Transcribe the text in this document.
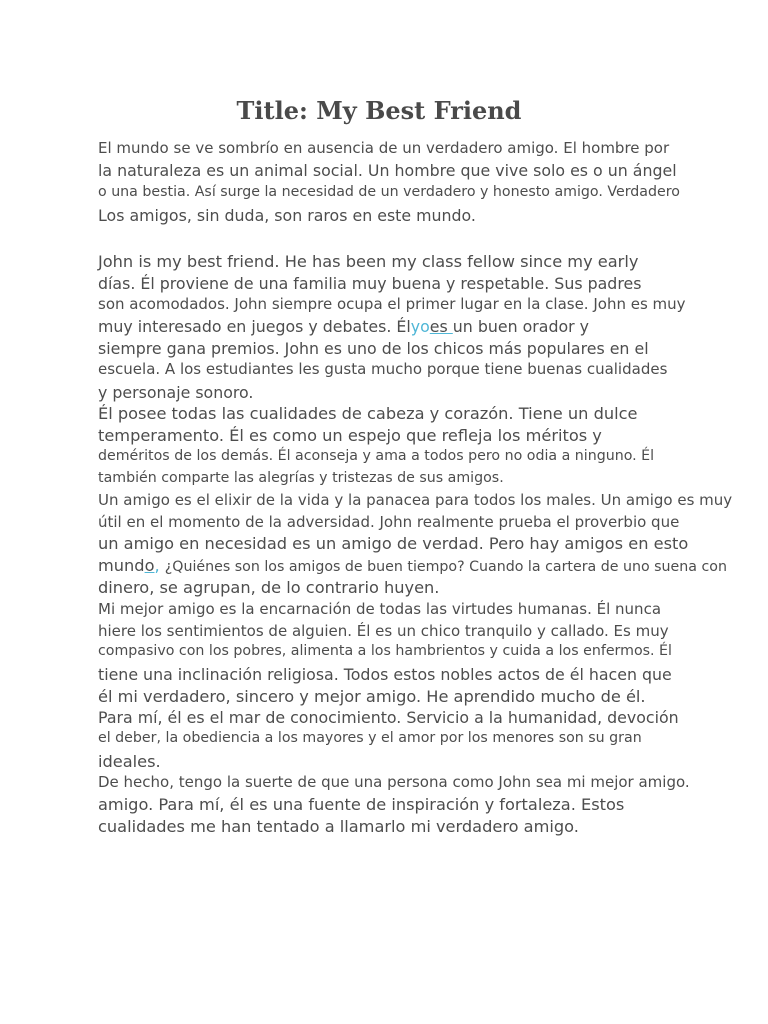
Title: My Best Friend
El mundo se ve sombrío en ausencia de un verdadero amigo. El hombre por
la naturaleza es un animal social. Un hombre que vive solo es o un ángel
o una bestia. Así surge la necesidad de un verdadero y honesto amigo. Verdadero
Los amigos, sin duda, son raros en este mundo.
John is my best friend. He has been my class fellow since my early
días. Él proviene de una familia muy buena y respetable. Sus padres
son acomodados. John siempre ocupa el primer lugar en la clase. John es muy
muy interesado en juegos y debates. Élyoes un buen orador y
siempre gana premios. John es uno de los chicos más populares en el
escuela. A los estudiantes les gusta mucho porque tiene buenas cualidades
y personaje sonoro.
Él posee todas las cualidades de cabeza y corazón. Tiene un dulce
temperamento. Él es como un espejo que refleja los méritos y
deméritos de los demás. Él aconseja y ama a todos pero no odia a ninguno. Él
también comparte las alegrías y tristezas de sus amigos.
Un amigo es el elixir de la vida y la panacea para todos los males. Un amigo es muy
útil en el momento de la adversidad. John realmente prueba el proverbio que
un amigo en necesidad es un amigo de verdad. Pero hay amigos en esto
mundo, ¿Quiénes son los amigos de buen tiempo? Cuando la cartera de uno suena con
dinero, se agrupan, de lo contrario huyen.
Mi mejor amigo es la encarnación de todas las virtudes humanas. Él nunca
hiere los sentimientos de alguien. Él es un chico tranquilo y callado. Es muy
compasivo con los pobres, alimenta a los hambrientos y cuida a los enfermos. Él
tiene una inclinación religiosa. Todos estos nobles actos de él hacen que
él mi verdadero, sincero y mejor amigo. He aprendido mucho de él.
Para mí, él es el mar de conocimiento. Servicio a la humanidad, devoción
el deber, la obediencia a los mayores y el amor por los menores son su gran
ideales.
De hecho, tengo la suerte de que una persona como John sea mi mejor amigo.
amigo. Para mí, él es una fuente de inspiración y fortaleza. Estos
cualidades me han tentado a llamarlo mi verdadero amigo.
